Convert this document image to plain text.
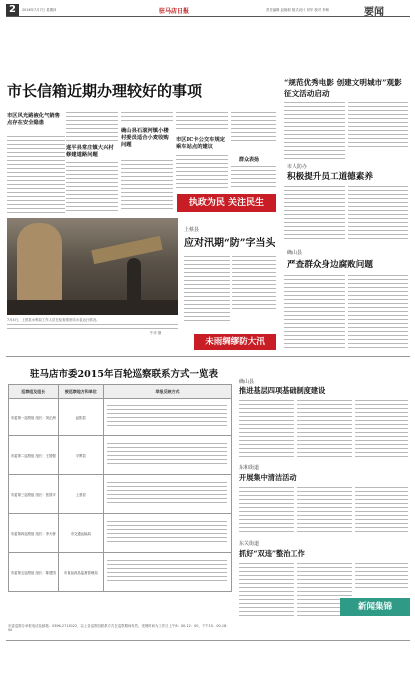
2	2016年7月7日 星期四	驻马店日报	责任编辑 赵晓莉 版式设计 刘华 校对 李林	要闻
市长信箱近期办理较好的事项
市区风光路液化气销售点存在安全隐患
遂平县常庄镇大兴村修建道路问题
确山县石滚河镇小楼村委员适合小麦收购问题
市区IC卡公交车规定乘车站点的建议
群众表扬
执政为民 关注民生
7月4日，上蔡县水利局工作人员在检查排涝站水泵运行情况。
牛彦 摄
上蔡县
应对汛期“防”字当头
未雨绸缪防大汛
“规范优秀电影 创建文明城市”观影征文活动启动
市人防办
积极提升员工道德素养
确山县
严查群众身边腐败问题
驻马店市委2015年百轮巡察联系方式一览表
巡察组及组长	被巡察地方和单位	举报反映方式
市委第一巡察组 组长：刘正洲	泌阳县	

市委第二巡察组 组长：王国强	平舆县	

市委第三巡察组 组长：张国平	上蔡县	

市委第四巡察组 组长：李天桥	市交通运输局	

市委第五巡察组 组长：陈建国	市食品药品监督管理局	
市委巡察办举报电话及邮箱：0396-2713022，以上各巡察组联系方式在巡察期间有效，受理时间为工作日上午8：00-12：00，下午15：00-18：00
确山县
推进基层四项基础制度建设
东和街道
开展集中清洁活动
东关街道
抓好“双违”整治工作
新闻集锦
